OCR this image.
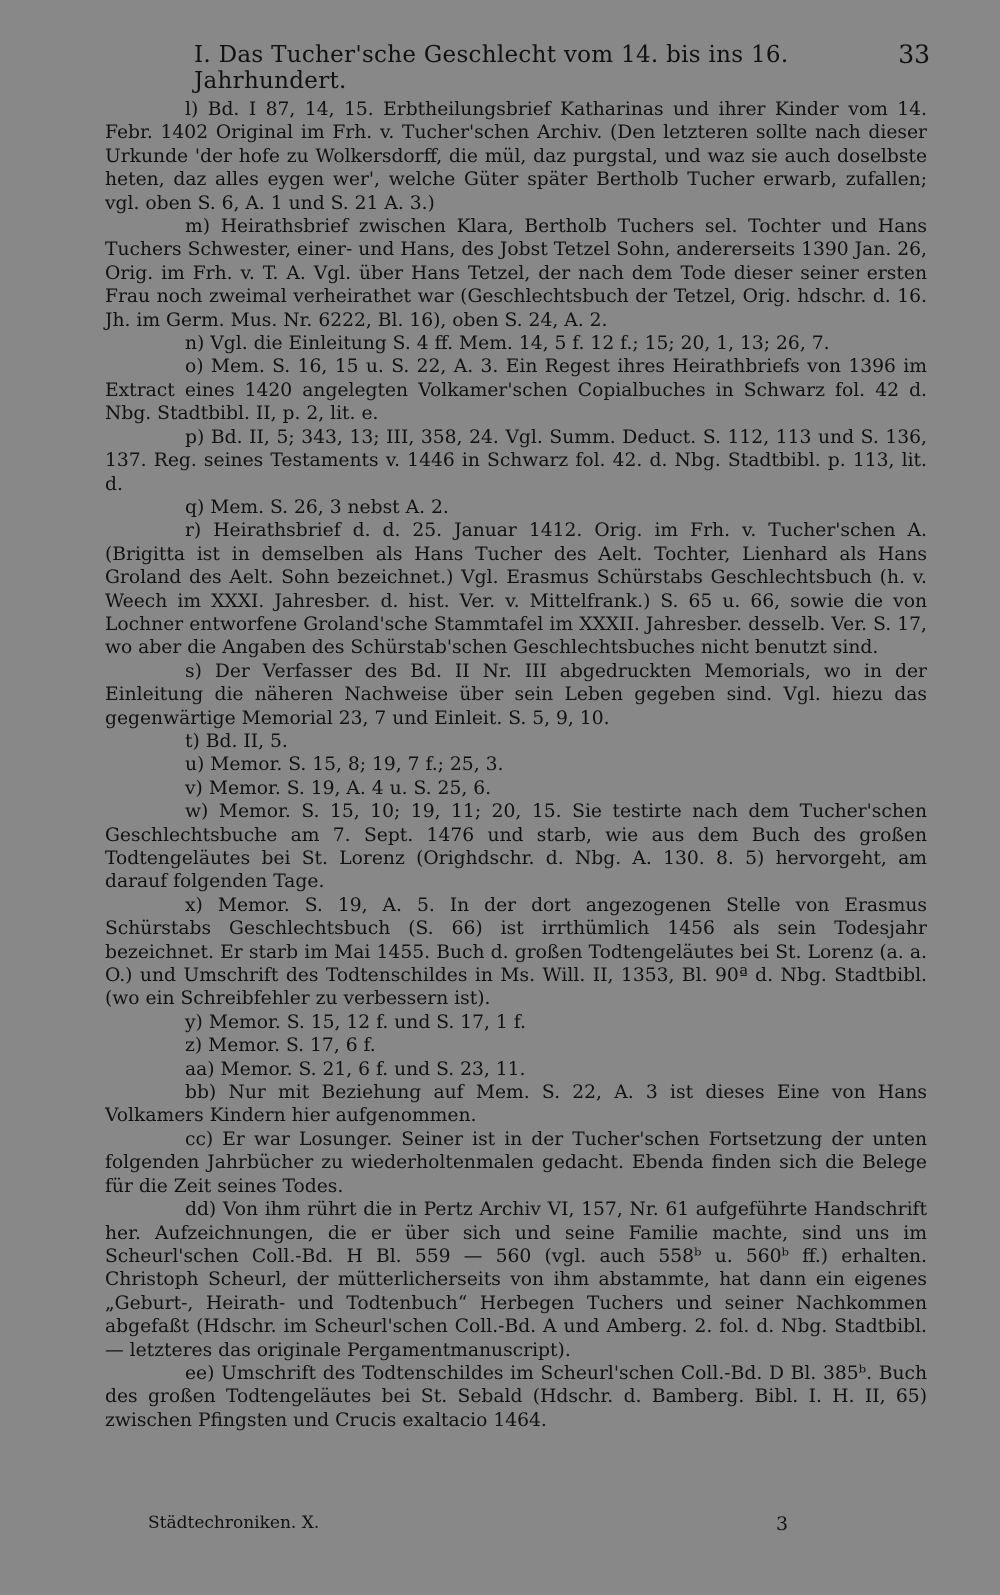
I. Das Tucher'sche Geschlecht vom 14. bis ins 16. Jahrhundert.
33

l) Bd. I 87, 14, 15. Erbtheilungsbrief Katharinas und ihrer Kinder vom 14. Febr. 1402 Original im Frh. v. Tucher'schen Archiv. (Den letzteren sollte nach dieser Urkunde 'der hofe zu Wolkersdorff, die mül, daz purgstal, und waz sie auch doselbste heten, daz alles eygen wer', welche Güter später Bertholb Tucher erwarb, zufallen; vgl. oben S. 6, A. 1 und S. 21 A. 3.)

m) Heirathsbrief zwischen Klara, Bertholb Tuchers sel. Tochter und Hans Tuchers Schwester, einer- und Hans, des Jobst Tetzel Sohn, andererseits 1390 Jan. 26, Orig. im Frh. v. T. A. Vgl. über Hans Tetzel, der nach dem Tode dieser seiner ersten Frau noch zweimal verheirathet war (Geschlechtsbuch der Tetzel, Orig. hdschr. d. 16. Jh. im Germ. Mus. Nr. 6222, Bl. 16), oben S. 24, A. 2.

n) Vgl. die Einleitung S. 4 ff. Mem. 14, 5 f. 12 f.; 15; 20, 1, 13; 26, 7.

o) Mem. S. 16, 15 u. S. 22, A. 3. Ein Regest ihres Heirathbriefs von 1396 im Extract eines 1420 angelegten Volkamer'schen Copialbuches in Schwarz fol. 42 d. Nbg. Stadtbibl. II, p. 2, lit. e.

p) Bd. II, 5; 343, 13; III, 358, 24. Vgl. Summ. Deduct. S. 112, 113 und S. 136, 137. Reg. seines Testaments v. 1446 in Schwarz fol. 42. d. Nbg. Stadtbibl. p. 113, lit. d.

q) Mem. S. 26, 3 nebst A. 2.

r) Heirathsbrief d. d. 25. Januar 1412. Orig. im Frh. v. Tucher'schen A. (Brigitta ist in demselben als Hans Tucher des Aelt. Tochter, Lienhard als Hans Groland des Aelt. Sohn bezeichnet.) Vgl. Erasmus Schürstabs Geschlechtsbuch (h. v. Weech im XXXI. Jahresber. d. hist. Ver. v. Mittelfrank.) S. 65 u. 66, sowie die von Lochner entworfene Groland'sche Stammtafel im XXXII. Jahresber. desselb. Ver. S. 17, wo aber die Angaben des Schürstab'schen Geschlechtsbuches nicht benutzt sind.

s) Der Verfasser des Bd. II Nr. III abgedruckten Memorials, wo in der Einleitung die näheren Nachweise über sein Leben gegeben sind. Vgl. hiezu das gegenwärtige Memorial 23, 7 und Einleit. S. 5, 9, 10.

t) Bd. II, 5.

u) Memor. S. 15, 8; 19, 7 f.; 25, 3.

v) Memor. S. 19, A. 4 u. S. 25, 6.

w) Memor. S. 15, 10; 19, 11; 20, 15. Sie testirte nach dem Tucher'schen Geschlechtsbuche am 7. Sept. 1476 und starb, wie aus dem Buch des großen Todtengeläutes bei St. Lorenz (Orighdschr. d. Nbg. A. 130. 8. 5) hervorgeht, am darauf folgenden Tage.

x) Memor. S. 19, A. 5. In der dort angezogenen Stelle von Erasmus Schürstabs Geschlechtsbuch (S. 66) ist irrthümlich 1456 als sein Todesjahr bezeichnet. Er starb im Mai 1455. Buch d. großen Todtengeläutes bei St. Lorenz (a. a. O.) und Umschrift des Todtenschildes in Ms. Will. II, 1353, Bl. 90ª d. Nbg. Stadtbibl. (wo ein Schreibfehler zu verbessern ist).

y) Memor. S. 15, 12 f. und S. 17, 1 f.

z) Memor. S. 17, 6 f.

aa) Memor. S. 21, 6 f. und S. 23, 11.

bb) Nur mit Beziehung auf Mem. S. 22, A. 3 ist dieses Eine von Hans Volkamers Kindern hier aufgenommen.

cc) Er war Losunger. Seiner ist in der Tucher'schen Fortsetzung der unten folgenden Jahrbücher zu wiederholtenmalen gedacht. Ebenda finden sich die Belege für die Zeit seines Todes.

dd) Von ihm rührt die in Pertz Archiv VI, 157, Nr. 61 aufgeführte Handschrift her. Aufzeichnungen, die er über sich und seine Familie machte, sind uns im Scheurl'schen Coll.-Bd. H Bl. 559 — 560 (vgl. auch 558ᵇ u. 560ᵇ ff.) erhalten. Christoph Scheurl, der mütterlicherseits von ihm abstammte, hat dann ein eigenes „Geburt-, Heirath- und Todtenbuch“ Herbegen Tuchers und seiner Nachkommen abgefaßt (Hdschr. im Scheurl'schen Coll.-Bd. A und Amberg. 2. fol. d. Nbg. Stadtbibl. — letzteres das originale Pergamentmanuscript).

ee) Umschrift des Todtenschildes im Scheurl'schen Coll.-Bd. D Bl. 385ᵇ. Buch des großen Todtengeläutes bei St. Sebald (Hdschr. d. Bamberg. Bibl. I. H. II, 65) zwischen Pfingsten und Crucis exaltacio 1464.

Städtechroniken. X.	3
